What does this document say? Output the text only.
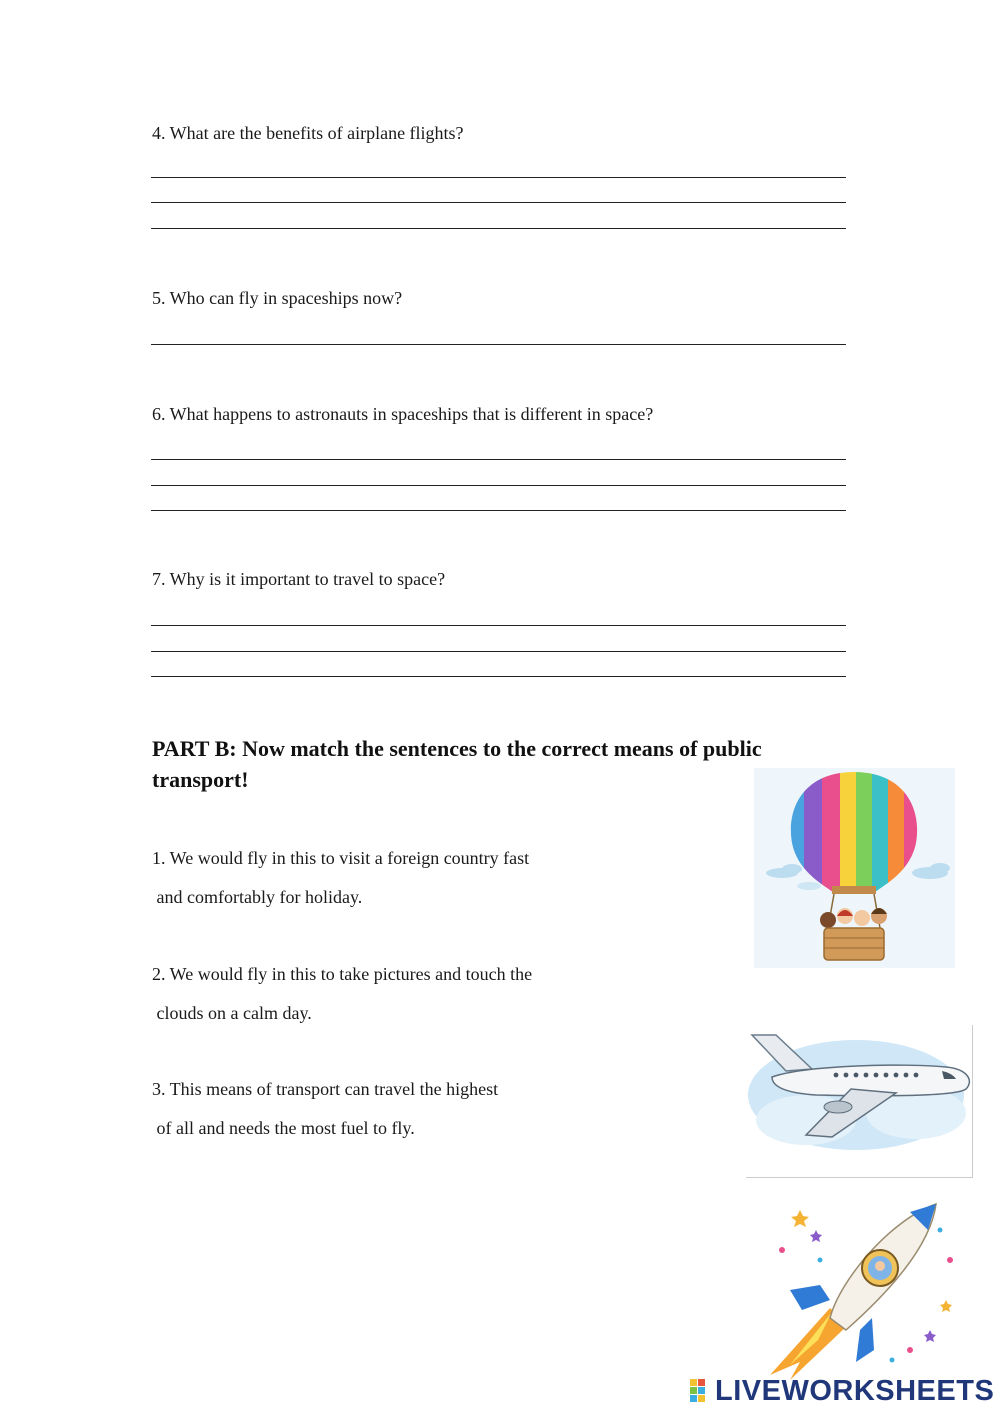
4. What are the benefits of airplane flights?

5. Who can fly in spaceships now?

6. What happens to astronauts in spaceships that is different in space?

7. Why is it important to travel to space?

PART B: Now match the sentences to the correct means of public
transport!

1. We would fly in this to visit a foreign country fast

and comfortably for holiday.

2. We would fly in this to take pictures and touch the

clouds on a calm day.

3. This means of transport can travel the highest

of all and needs the most fuel to fly.

LIVEWORKSHEETS
